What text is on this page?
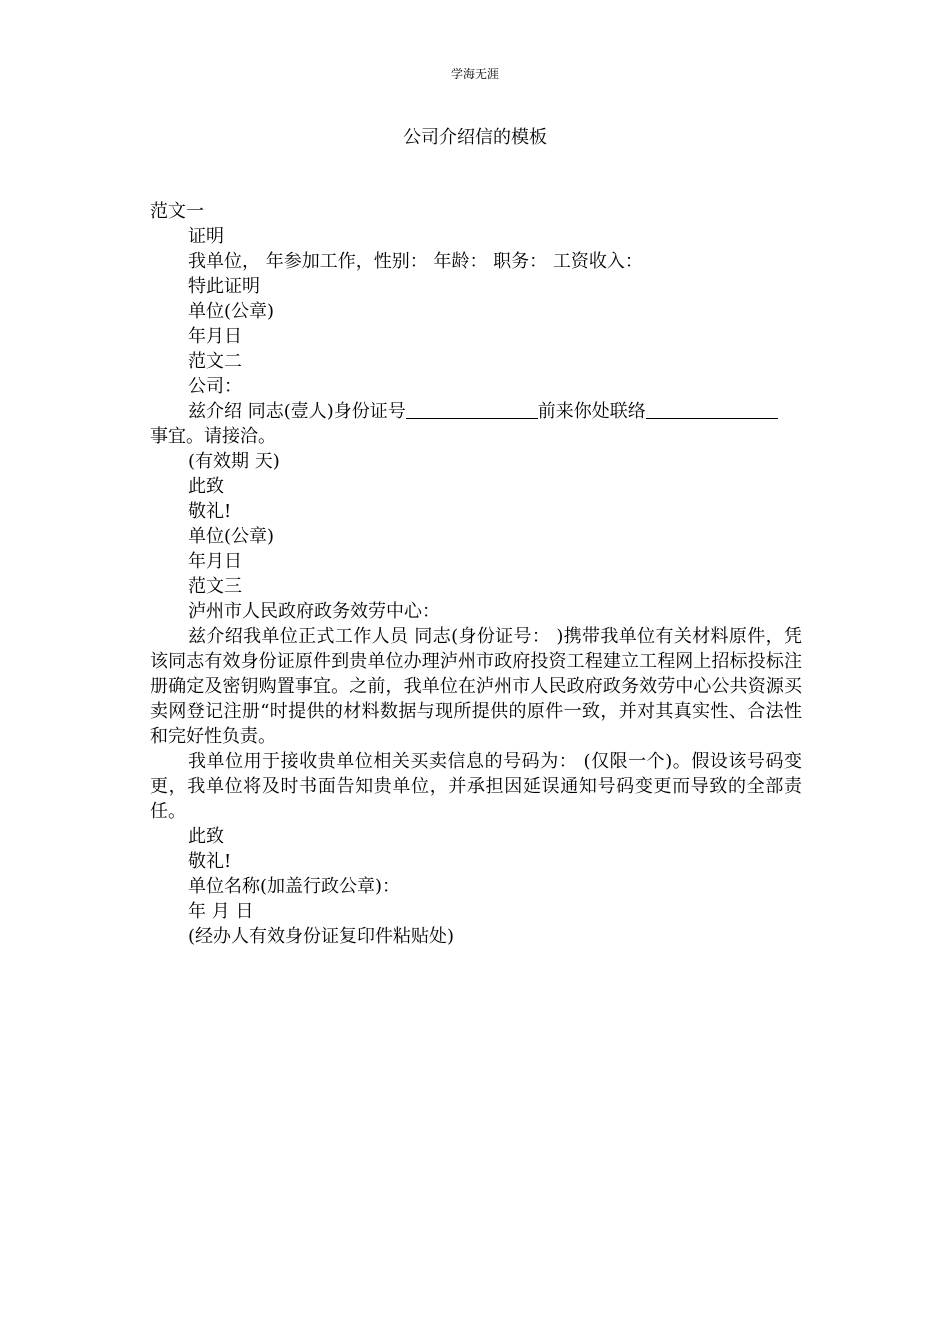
学海无涯
公司介绍信的模板

范文一

证明

我单位， 年参加工作，性别： 年龄： 职务： 工资收入：

特此证明

单位(公章)

年月日

范文二

公司：

兹介绍 同志(壹人)身份证号	前来你处联络

事宜。请接洽。

(有效期 天)

此致

敬礼!

单位(公章)

年月日

范文三

泸州市人民政府政务效劳中心：

兹介绍我单位正式工作人员 同志(身份证号： )携带我单位有关材料原件，凭该同志有效身份证原件到贵单位办理泸州市政府投资工程建立工程网上招标投标注册确定及密钥购置事宜。之前，我单位在泸州市人民政府政务效劳中心公共资源买卖网登记注册“时提供的材料数据与现所提供的原件一致，并对其真实性、合法性和完好性负责。

我单位用于接收贵单位相关买卖信息的号码为： (仅限一个)。假设该号码变更，我单位将及时书面告知贵单位，并承担因延误通知号码变更而导致的全部责任。

此致

敬礼!

单位名称(加盖行政公章)：

年 月 日

(经办人有效身份证复印件粘贴处)
